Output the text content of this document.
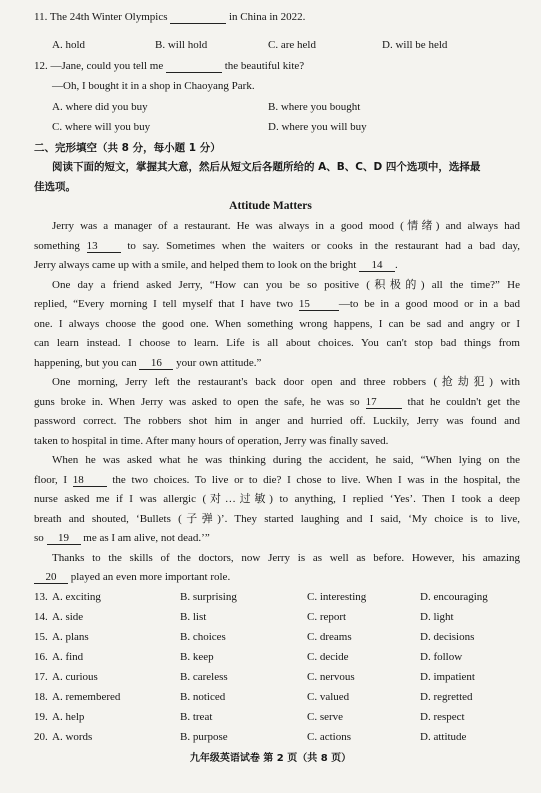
11. The 24th Winter Olympics	in China in 2022.
A. hold	B. will hold	C. are held	D. will be held
12. —Jane, could you tell me	the beautiful kite?
—Oh, I bought it in a shop in Chaoyang Park.
A. where did you buy	B. where you bought
C. where will you buy	D. where you will buy
二、完形填空（共 8 分，每小题 1 分）
阅读下面的短文，掌握其大意，然后从短文后各题所给的 A、B、C、D 四个选项中，选择最
佳选项。
Attitude Matters
Jerry was a manager of a restaurant. He was always in a good mood (情绪) and always had
something 13	to say. Sometimes when the waiters or cooks in the restaurant had a bad day,
Jerry always came up with a smile, and helped them to look on the bright 14 .
One day a friend asked Jerry, “How can you be so positive (积极的) all the time?” He
replied, “Every morning I tell myself that I have two 15	—to be in a good mood or in a bad
one. I always choose the good one. When something wrong happens, I can be sad and angry or I
can learn instead. I choose to learn. Life is all about choices. You can't stop bad things from
happening, but you can 16 your own attitude.”
One morning, Jerry left the restaurant's back door open and three robbers (抢劫犯) with
guns broke in. When Jerry was asked to open the safe, he was so 17	that he couldn't get the
password correct. The robbers shot him in anger and hurried off. Luckily, Jerry was found and
taken to hospital in time. After many hours of operation, Jerry was finally saved.
When he was asked what he was thinking during the accident, he said, “When lying on the
floor, I 18	the two choices. To live or to die? I chose to live. When I was in the hospital, the
nurse asked me if I was allergic (对…过敏) to anything, I replied ‘Yes’. Then I took a deep
breath and shouted, ‘Bullets (子弹)’. They started laughing and I said, ‘My choice is to live,
so 19 me as I am alive, not dead.’”
Thanks to the skills of the doctors, now Jerry is as well as before. However, his amazing
20 played an even more important role.
13. A. exciting	B. surprising	C. interesting	D. encouraging
14. A. side	B. list	C. report	D. light
15. A. plans	B. choices	C. dreams	D. decisions
16. A. find	B. keep	C. decide	D. follow
17. A. curious	B. careless	C. nervous	D. impatient
18. A. remembered	B. noticed	C. valued	D. regretted
19. A. help	B. treat	C. serve	D. respect
20. A. words	B. purpose	C. actions	D. attitude
九年级英语试卷 第 2 页（共 8 页）
